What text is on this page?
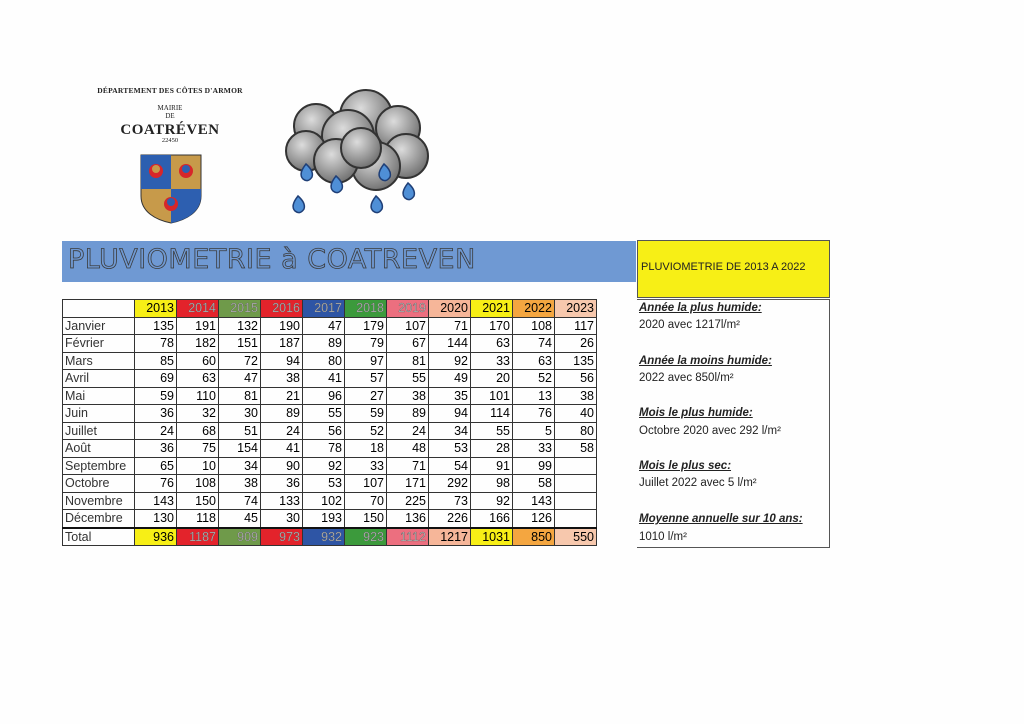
DÉPARTEMENT DES CÔTES D'ARMOR
MAIRIE
DE
COATRÉVEN
22450
PLUVIOMETRIE à COATREVEN	PLUVIOMETRIE DE 2013 A 2022
	2013	2014	2015	2016	2017	2018	2019	2020	2021	2022	2023
Janvier	135	191	132	190	47	179	107	71	170	108	117
Février	78	182	151	187	89	79	67	144	63	74	26
Mars	85	60	72	94	80	97	81	92	33	63	135
Avril	69	63	47	38	41	57	55	49	20	52	56
Mai	59	110	81	21	96	27	38	35	101	13	38
Juin	36	32	30	89	55	59	89	94	114	76	40
Juillet	24	68	51	24	56	52	24	34	55	5	80
Août	36	75	154	41	78	18	48	53	28	33	58
Septembre	65	10	34	90	92	33	71	54	91	99	
Octobre	76	108	38	36	53	107	171	292	98	58	
Novembre	143	150	74	133	102	70	225	73	92	143	
Décembre	130	118	45	30	193	150	136	226	166	126	
Total	936	1187	909	973	932	923	1112	1217	1031	850	550
Année la plus humide:
2020 avec 1217l/m²
Année la moins humide:
2022 avec 850l/m²
Mois le plus humide:
Octobre 2020 avec 292 l/m²
Mois le plus sec:
Juillet 2022 avec 5 l/m²
Moyenne annuelle sur 10 ans:
1010 l/m²
